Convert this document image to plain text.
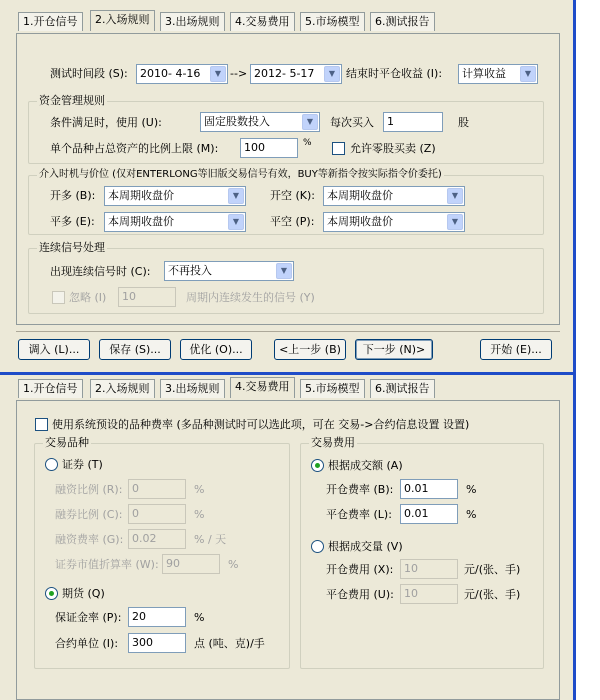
1.开仓信号	2.入场规则	3.出场规则	4.交易费用	5.市场模型	6.测试报告
测试时间段 (S):	2010- 4-16	▼ --> 2012- 5-17	▼ 结束时平仓收益 (I):	计算收益	▼
资金管理规则
条件满足时，使用 (U):	固定股数投入	▼	每次买入	1	股
单个品种占总资产的比例上限 (M):	100	%	允许零股买卖 (Z)
介入时机与价位 (仅对ENTERLONG等旧版交易信号有效，BUY等新指令按实际指令价委托)
开多 (B):	本周期收盘价	▼	开空 (K):	本周期收盘价	▼
平多 (E):	本周期收盘价	▼	平空 (P):	本周期收盘价	▼
连续信号处理
出现连续信号时 (C):	不再投入	▼
忽略 (I)	10	周期内连续发生的信号 (Y)
调入 (L)...	保存 (S)...	优化 (O)...	<上一步 (B)	下一步 (N)>	开始 (E)...
1.开仓信号	2.入场规则	3.出场规则	4.交易费用	5.市场模型	6.测试报告
使用系统预设的品种费率 (多品种测试时可以选此项，可在 交易->合约信息设置 设置)
交易品种
证券 (T)
融资比例 (R): 0	%
融券比例 (C): 0	%
融资费率 (G): 0.02	% / 天
证券市值折算率 (W): 90	%
期货 (Q)
保证金率 (P): 20	%
合约单位 (I):	300	点 (吨、克)/手
交易费用
根据成交额 (A)
开仓费率 (B): 0.01	%
平仓费率 (L):	0.01	%
根据成交量 (V)
开仓费用 (X): 10	元/(张、手)
平仓费用 (U): 10	元/(张、手)
